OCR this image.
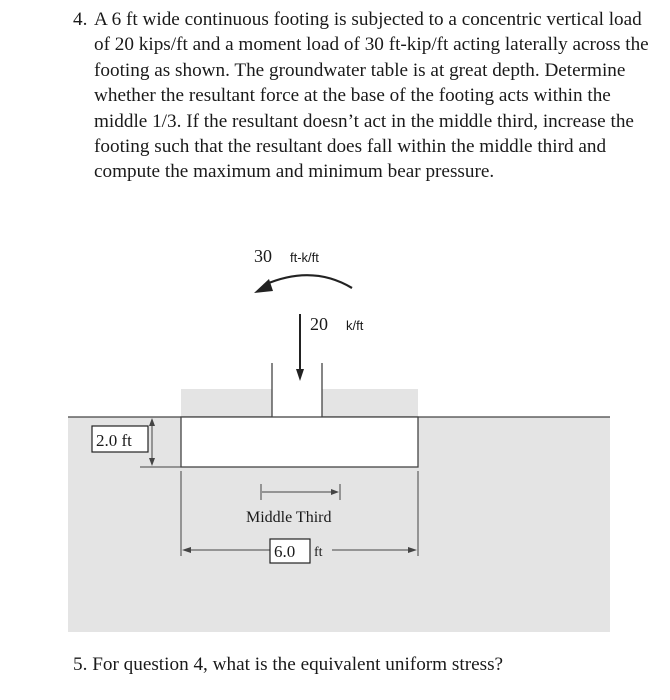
4. A 6 ft wide continuous footing is subjected to a concentric vertical load of 20 kips/ft and a moment load of 30 ft-kip/ft acting laterally across the footing as shown. The groundwater table is at great depth. Determine whether the resultant force at the base of the footing acts within the middle 1/3. If the resultant doesn’t act in the middle third, increase the footing such that the resultant does fall within the middle third and compute the maximum and minimum bear pressure.
2.0 ft
30 ft-k/ft
20 k/ft
Middle Third
6.0 ft
5. For question 4, what is the equivalent uniform stress?
